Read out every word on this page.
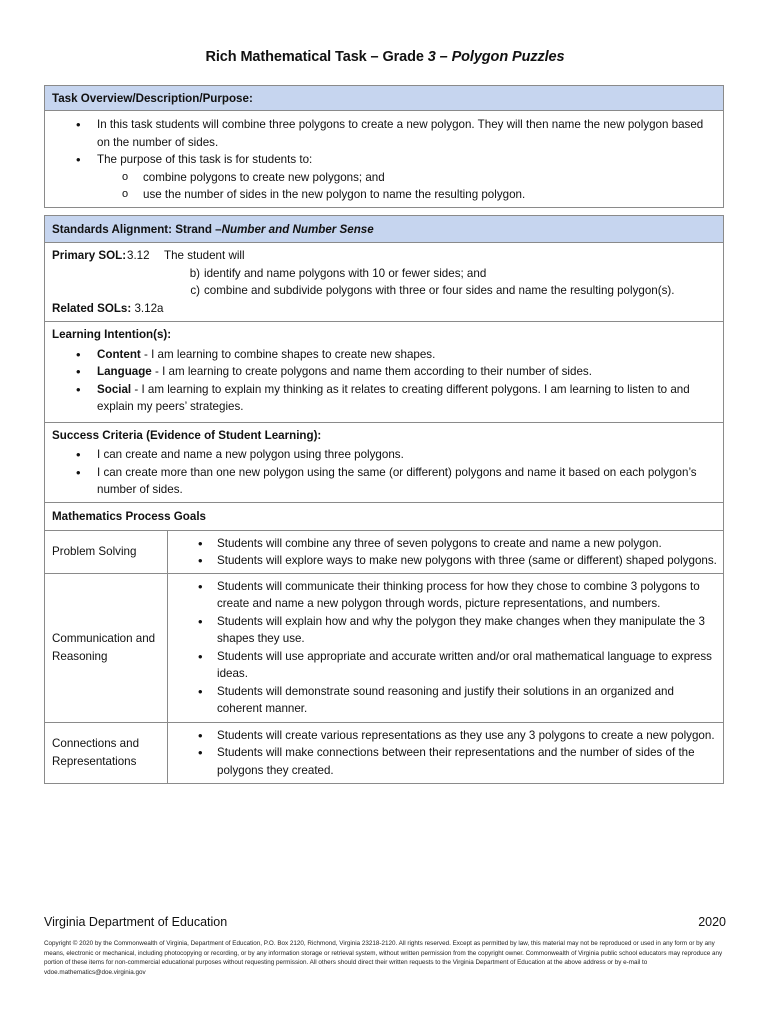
Rich Mathematical Task – Grade 3 – Polygon Puzzles
Task Overview/Description/Purpose:
• In this task students will combine three polygons to create a new polygon. They will then name the new polygon based on the number of sides.
• The purpose of this task is for students to:
o combine polygons to create new polygons; and
o use the number of sides in the new polygon to name the resulting polygon.
Standards Alignment: Strand – Number and Number Sense
Primary SOL: 3.12	The student will
b) identify and name polygons with 10 or fewer sides; and
c) combine and subdivide polygons with three or four sides and name the resulting polygon(s).
Related SOLs: 3.12a
Learning Intention(s):
• Content - I am learning to combine shapes to create new shapes.
• Language - I am learning to create polygons and name them according to their number of sides.
• Social - I am learning to explain my thinking as it relates to creating different polygons. I am learning to listen to and explain my peers’ strategies.
Success Criteria (Evidence of Student Learning):
• I can create and name a new polygon using three polygons.
• I can create more than one new polygon using the same (or different) polygons and name it based on each polygon’s number of sides.
Mathematics Process Goals
Problem Solving
• Students will combine any three of seven polygons to create and name a new polygon.
• Students will explore ways to make new polygons with three (same or different) shaped polygons.
Communication and Reasoning
• Students will communicate their thinking process for how they chose to combine 3 polygons to create and name a new polygon through words, picture representations, and numbers.
• Students will explain how and why the polygon they make changes when they manipulate the 3 shapes they use.
• Students will use appropriate and accurate written and/or oral mathematical language to express ideas.
• Students will demonstrate sound reasoning and justify their solutions in an organized and coherent manner.
Connections and Representations
• Students will create various representations as they use any 3 polygons to create a new polygon.
• Students will make connections between their representations and the number of sides of the polygons they created.
Virginia Department of Education	2020
Copyright © 2020 by the Commonwealth of Virginia, Department of Education, P.O. Box 2120, Richmond, Virginia 23218-2120. All rights reserved. Except as permitted by law, this material may not be reproduced or used in any form or by any means, electronic or mechanical, including photocopying or recording, or by any information storage or retrieval system, without written permission from the copyright owner. Commonwealth of Virginia public school educators may reproduce any portion of these items for non-commercial educational purposes without requesting permission. All others should direct their written requests to the Virginia Department of Education at the above address or by e-mail to vdoe.mathematics@doe.virginia.gov
